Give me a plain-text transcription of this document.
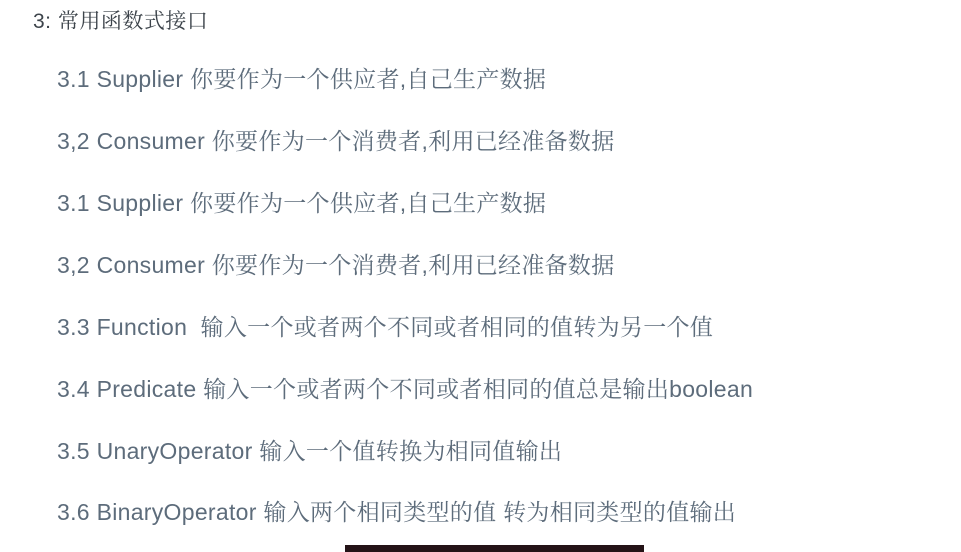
3: 常用函数式接口
3.1 Supplier 你要作为一个供应者,自己生产数据
3,2 Consumer 你要作为一个消费者,利用已经准备数据
3.1 Supplier 你要作为一个供应者,自己生产数据
3,2 Consumer 你要作为一个消费者,利用已经准备数据
3.3 Function  输入一个或者两个不同或者相同的值转为另一个值
3.4 Predicate 输入一个或者两个不同或者相同的值总是输出boolean
3.5 UnaryOperator 输入一个值转换为相同值输出
3.6 BinaryOperator 输入两个相同类型的值 转为相同类型的值输出
